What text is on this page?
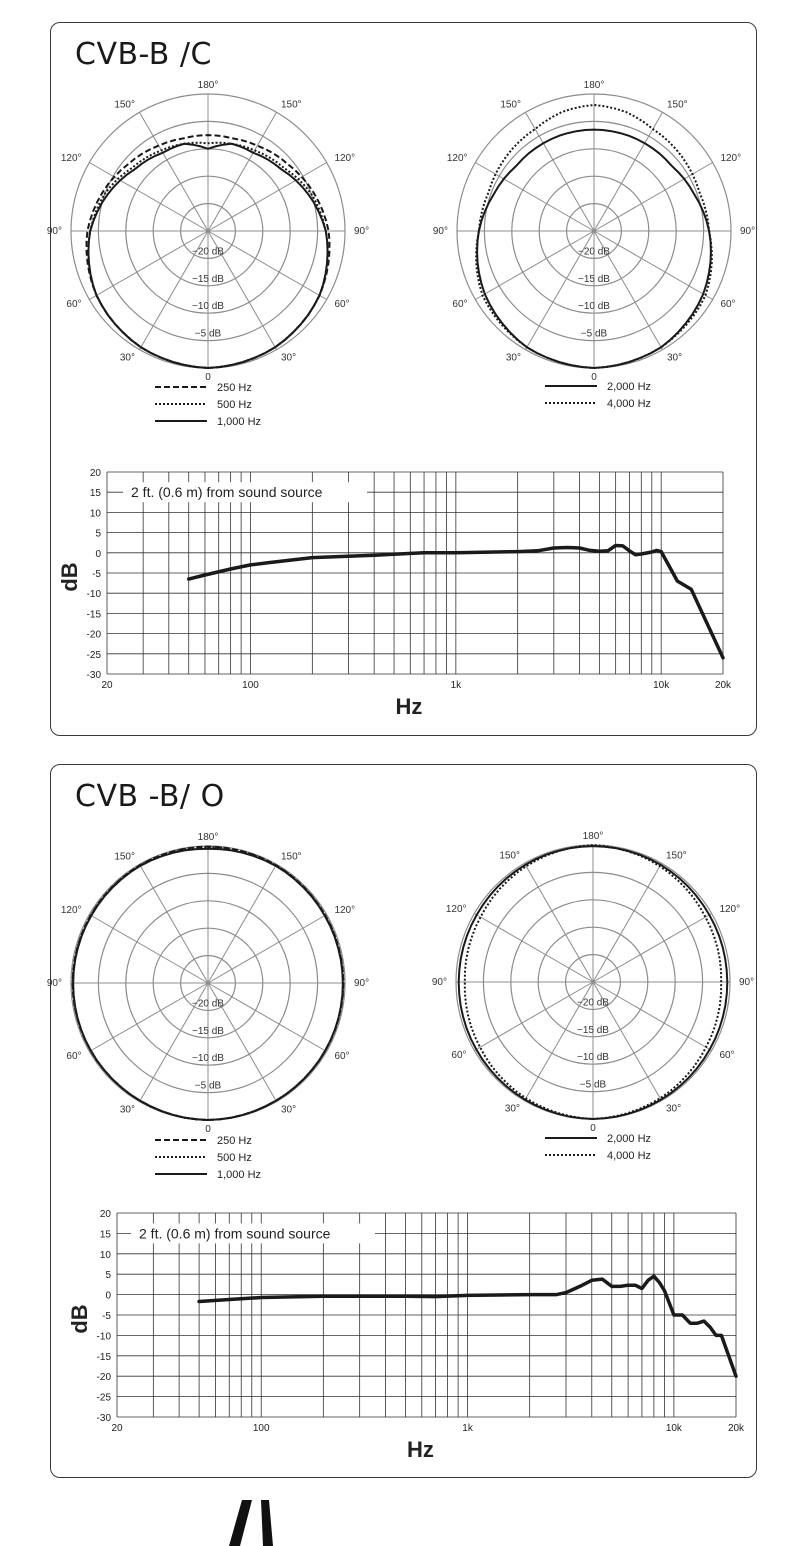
CVB-B /C
180°
150°	150°
120°	120°
90°	90°
60°	60°
30°	30°
0
−20 dB
−15 dB
−10 dB
−5 dB
250 Hz
500 Hz
1,000 Hz
180°
150°	150°
120°	120°
90°	90°
60°	60°
30°	30°
0
−20 dB
−15 dB
−10 dB
−5 dB
2,000 Hz
4,000 Hz
20
15
10
5
0
-5
-10
-15
-20
-25
-30
20	100	1k	10k	20k
Hz
dB
2 ft. (0.6 m) from sound source
CVB -B/ O
180°
150°	150°
120°	120°
90°	90°
60°	60°
30°	30°
0
−20 dB
−15 dB
−10 dB
−5 dB
250 Hz
500 Hz
1,000 Hz
180°
150°	150°
120°	120°
90°	90°
60°	60°
30°	30°
0
−20 dB
−15 dB
−10 dB
−5 dB
2,000 Hz
4,000 Hz
20
15
10
5
0
-5
-10
-15
-20
-25
-30
20	100	1k	10k	20k
Hz
dB
2 ft. (0.6 m) from sound source
